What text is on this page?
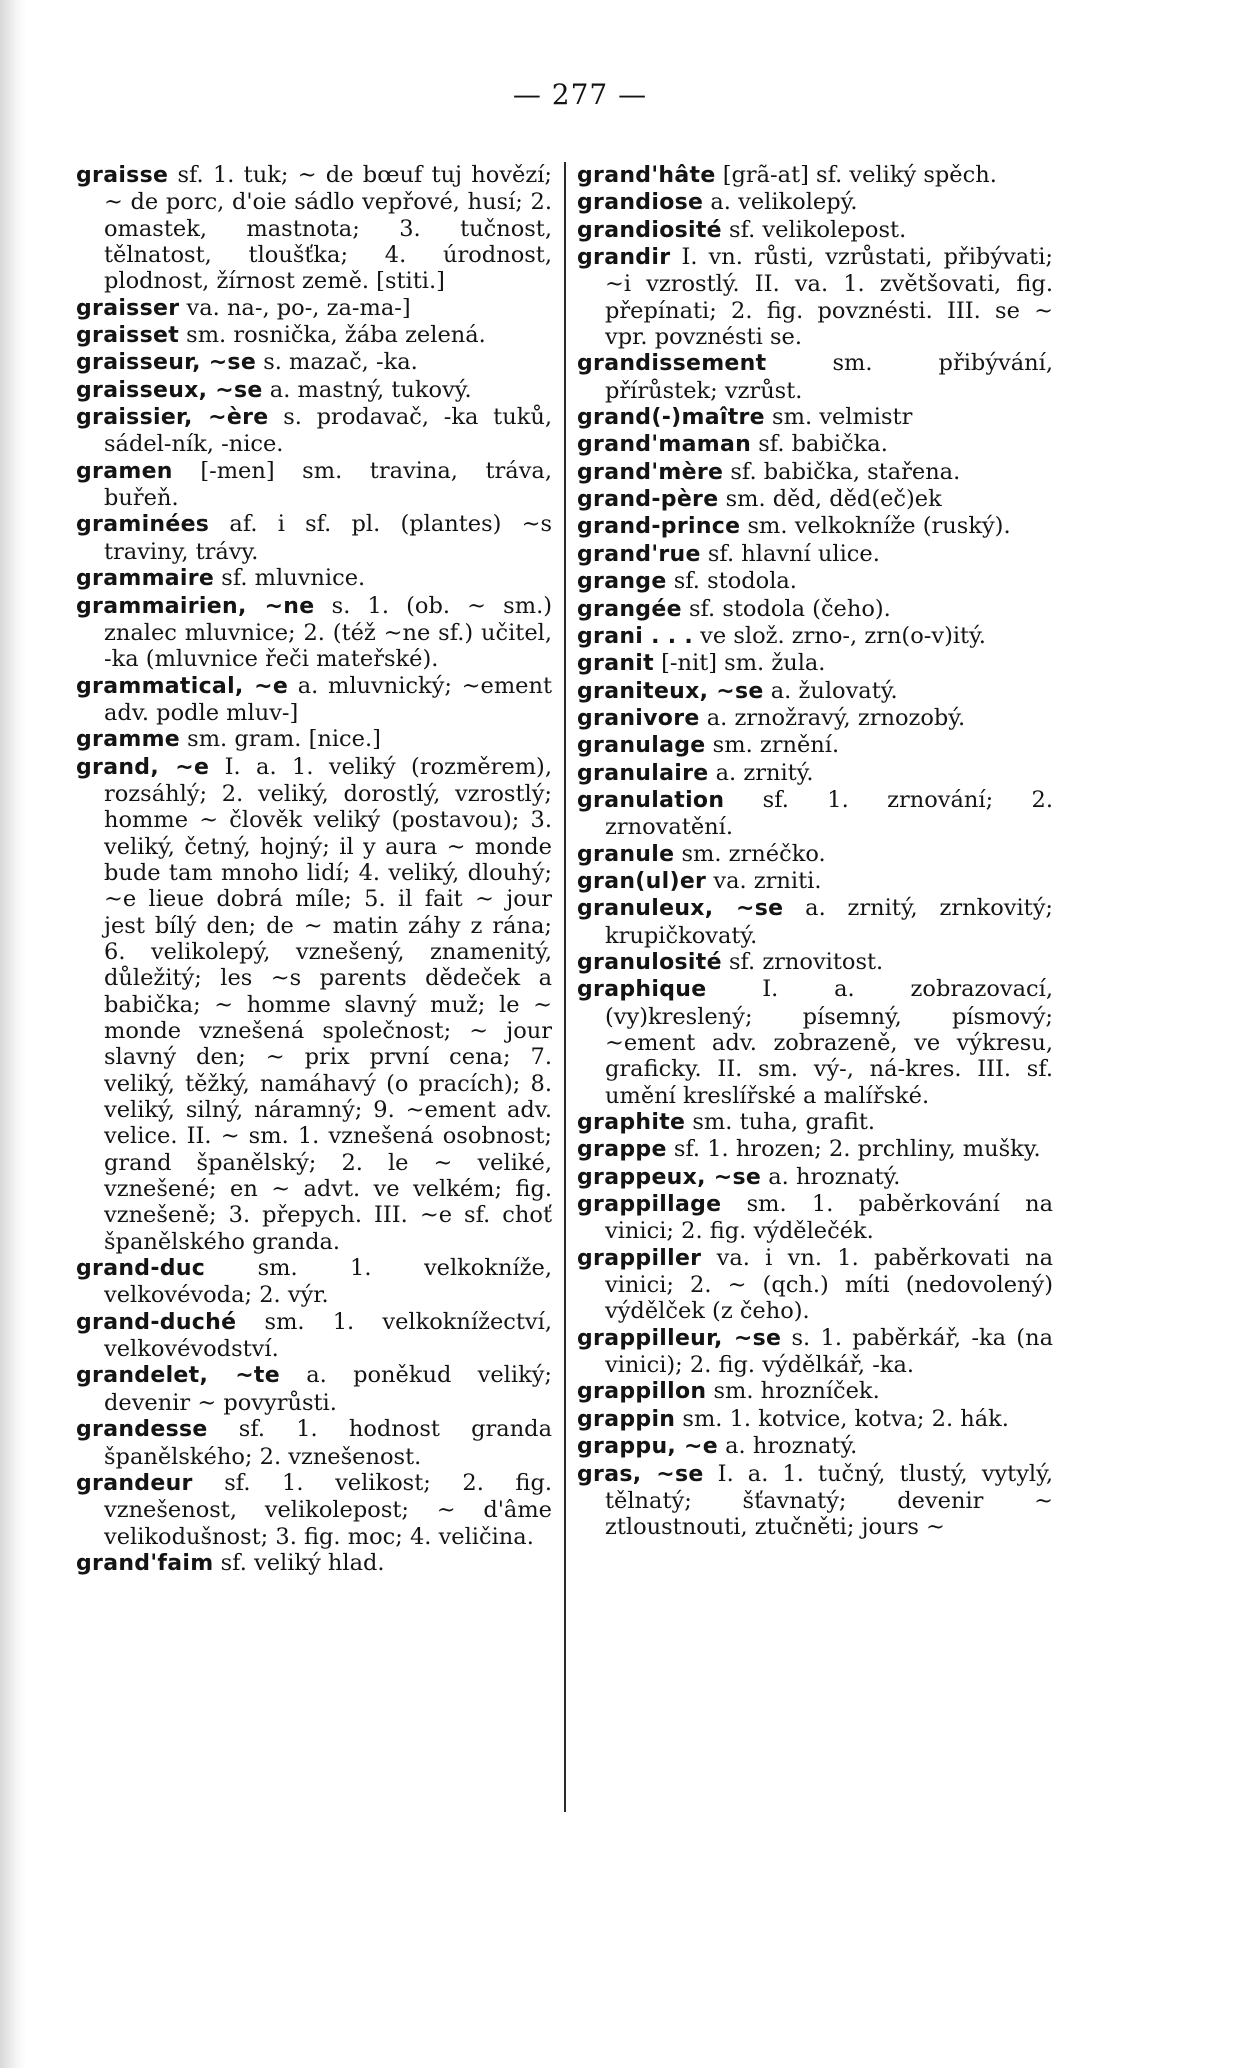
— 277 —

graisse sf. 1. tuk; ~ de bœuf tuj hovězí; ~ de porc, d'oie sádlo vepřové, husí; 2. omastek, mastnota; 3. tučnost, tělnatost, tloušťka; 4. úrodnost, plodnost, žírnost země. [stiti.]

graisser va. na-, po-, za-ma-]

graisset sm. rosnička, žába zelená.

graisseur, ~se s. mazač, -ka.

graisseux, ~se a. mastný, tukový.

graissier, ~ère s. prodavač, -ka tuků, sádel-ník, -nice.

gramen [-men] sm. travina, tráva, buřeň.

graminées af. i sf. pl. (plantes) ~s traviny, trávy.

grammaire sf. mluvnice.

grammairien, ~ne s. 1. (ob. ~ sm.) znalec mluvnice; 2. (též ~ne sf.) učitel, -ka (mluvnice řeči mateřské).

grammatical, ~e a. mluvnický; ~ement adv. podle mluv-]

gramme sm. gram. [nice.]

grand, ~e I. a. 1. veliký (rozměrem), rozsáhlý; 2. veliký, dorostlý, vzrostlý; homme ~ člověk veliký (postavou); 3. veliký, četný, hojný; il y aura ~ monde bude tam mnoho lidí; 4. veliký, dlouhý; ~e lieue dobrá míle; 5. il fait ~ jour jest bílý den; de ~ matin záhy z rána; 6. velikolepý, vznešený, znamenitý, důležitý; les ~s parents dědeček a babička; ~ homme slavný muž; le ~ monde vznešená společnost; ~ jour slavný den; ~ prix první cena; 7. veliký, těžký, namáhavý (o pracích); 8. veliký, silný, náramný; 9. ~ement adv. velice. II. ~ sm. 1. vznešená osobnost; grand španělský; 2. le ~ veliké, vznešené; en ~ advt. ve velkém; fig. vznešeně; 3. přepych. III. ~e sf. choť španělského granda.

grand-duc sm. 1. velkokníže, velkovévoda; 2. výr.

grand-duché sm. 1. velkoknížectví, velkovévodství.

grandelet, ~te a. poněkud veliký; devenir ~ povyrůsti.

grandesse sf. 1. hodnost granda španělského; 2. vznešenost.

grandeur sf. 1. velikost; 2. fig. vznešenost, velikolepost; ~ d'âme velikodušnost; 3. fig. moc; 4. veličina.

grand'faim sf. veliký hlad.

grand'hâte [grã-at] sf. veliký spěch.

grandiose a. velikolepý.

grandiosité sf. velikolepost.

grandir I. vn. růsti, vzrůstati, přibývati; ~i vzrostlý. II. va. 1. zvětšovati, fig. přepínati; 2. fig. povznésti. III. se ~ vpr. povznésti se.

grandissement sm. přibývání, přírůstek; vzrůst.

grand(-)maître sm. velmistr

grand'maman sf. babička.

grand'mère sf. babička, stařena.

grand-père sm. děd, děd(eč)ek

grand-prince sm. velkokníže (ruský).

grand'rue sf. hlavní ulice.

grange sf. stodola.

grangée sf. stodola (čeho).

grani . . . ve slož. zrno-, zrn(o-v)itý.

granit [-nit] sm. žula.

graniteux, ~se a. žulovatý.

granivore a. zrnožravý, zrnozobý.

granulage sm. zrnění.

granulaire a. zrnitý.

granulation sf. 1. zrnování; 2. zrnovatění.

granule sm. zrnéčko.

gran(ul)er va. zrniti.

granuleux, ~se a. zrnitý, zrnkovitý; krupičkovatý.

granulosité sf. zrnovitost.

graphique I. a. zobrazovací, (vy)kreslený; písemný, písmový; ~ement adv. zobrazeně, ve výkresu, graficky. II. sm. vý-, ná-kres. III. sf. umění kreslířské a malířské.

graphite sm. tuha, grafit.

grappe sf. 1. hrozen; 2. prchliny, mušky.

grappeux, ~se a. hroznatý.

grappillage sm. 1. paběrkování na vinici; 2. fig. výdělečék.

grappiller va. i vn. 1. paběrkovati na vinici; 2. ~ (qch.) míti (nedovolený) výdělček (z čeho).

grappilleur, ~se s. 1. paběrkář, -ka (na vinici); 2. fig. výdělkář, -ka.

grappillon sm. hrozníček.

grappin sm. 1. kotvice, kotva; 2. hák.

grappu, ~e a. hroznatý.

gras, ~se I. a. 1. tučný, tlustý, vytylý, tělnatý; šťavnatý; devenir ~ ztloustnouti, ztučněti; jours ~
